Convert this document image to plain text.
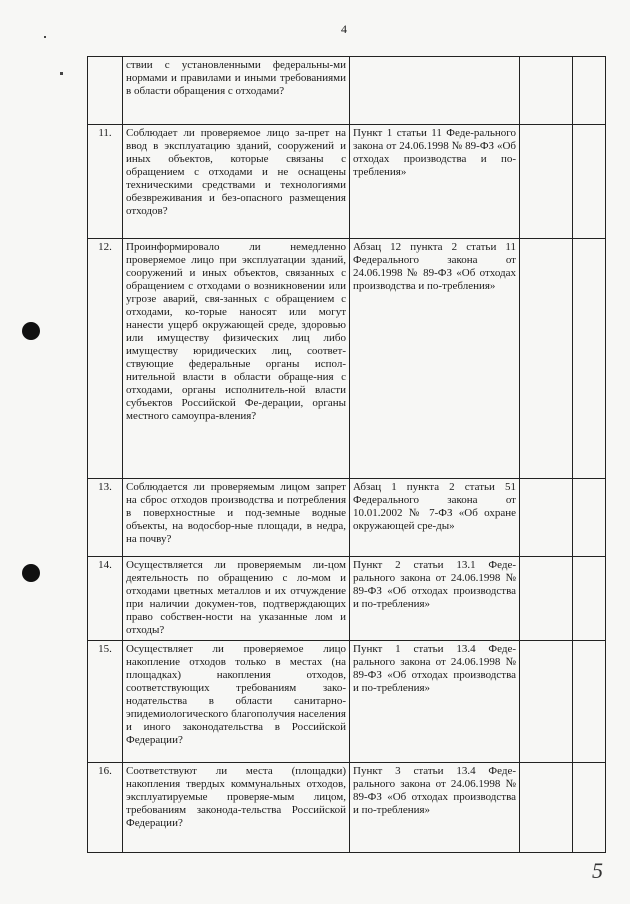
4
	ствии с установленными федеральны-ми нормами и правилами и иными требованиями в области обращения с отходами?			
11.	Соблюдает ли проверяемое лицо за-прет на ввод в эксплуатацию зданий, сооружений и иных объектов, которые связаны с обращением с отходами и не оснащены техническими средствами и технологиями обезвреживания и без-опасного размещения отходов?	Пункт 1 статьи 11 Феде-рального закона от 24.06.1998 № 89-ФЗ «Об отходах производства и по-требления»		
12.	Проинформировало ли немедленно проверяемое лицо при эксплуатации зданий, сооружений и иных объектов, связанных с обращением с отходами о возникновении или угрозе аварий, свя-занных с обращением с отходами, ко-торые наносят или могут нанести ущерб окружающей среде, здоровью или имуществу физических лиц либо имуществу юридических лиц, соответ-ствующие федеральные органы испол-нительной власти в области обраще-ния с отходами, органы исполнитель-ной власти субъектов Российской Фе-дерации, органы местного самоупра-вления?	Абзац 12 пункта 2 статьи 11 Федерального закона от 24.06.1998 № 89-ФЗ «Об отходах производства и по-требления»		
13.	Соблюдается ли проверяемым лицом запрет на сброс отходов производства и потребления в поверхностные и под-земные водные объекты, на водосбор-ные площади, в недра, на почву?	Абзац 1 пункта 2 статьи 51 Федерального закона от 10.01.2002 № 7-ФЗ «Об охране окружающей сре-ды»		
14.	Осуществляется ли проверяемым ли-цом деятельность по обращению с ло-мом и отходами цветных металлов и их отчуждение при наличии докумен-тов, подтверждающих право собствен-ности на указанные лом и отходы?	Пункт 2 статьи 13.1 Феде-рального закона от 24.06.1998 № 89-ФЗ «Об отходах производства и по-требления»		
15.	Осуществляет ли проверяемое лицо накопление отходов только в местах (на площадках) накопления отходов, соответствующих требованиям зако-нодательства в области санитарно-эпидемиологического благополучия населения и иного законодательства в Российской Федерации?	Пункт 1 статьи 13.4 Феде-рального закона от 24.06.1998 № 89-ФЗ «Об отходах производства и по-требления»		
16.	Соответствуют ли места (площадки) накопления твердых коммунальных отходов, эксплуатируемые проверяе-мым лицом, требованиям законода-тельства Российской Федерации?	Пункт 3 статьи 13.4 Феде-рального закона от 24.06.1998 № 89-ФЗ «Об отходах производства и по-требления»		
5
